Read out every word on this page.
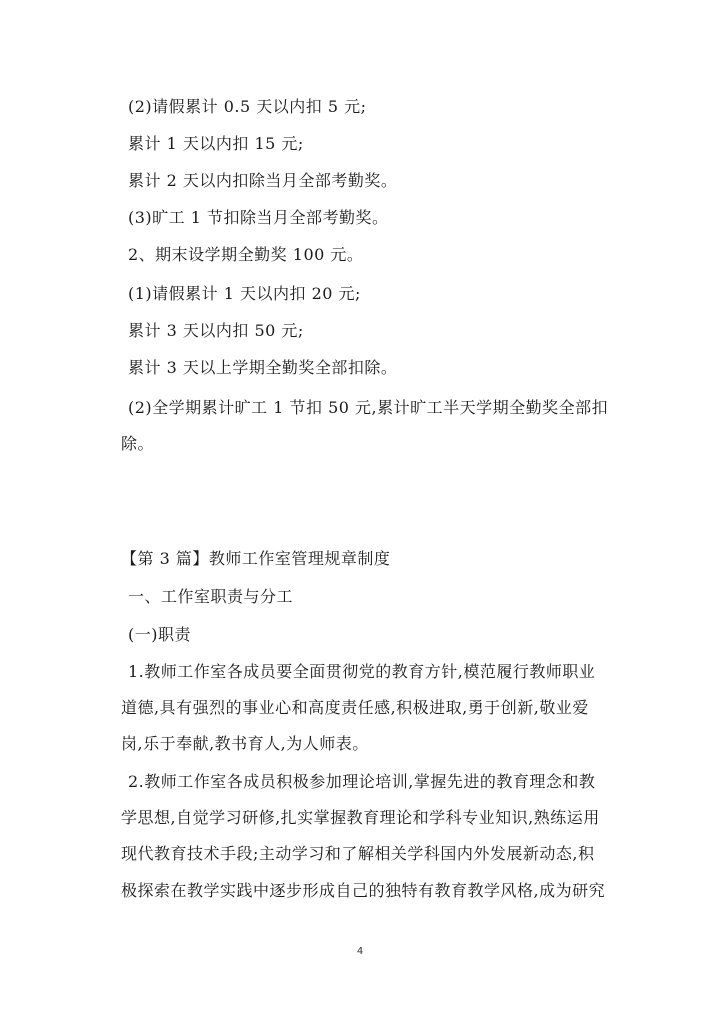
(2)请假累计 0.5 天以内扣 5 元;
累计 1 天以内扣 15 元;
累计 2 天以内扣除当月全部考勤奖。
(3)旷工 1 节扣除当月全部考勤奖。
2、期末设学期全勤奖 100 元。
(1)请假累计 1 天以内扣 20 元;
累计 3 天以内扣 50 元;
累计 3 天以上学期全勤奖全部扣除。
(2)全学期累计旷工 1 节扣 50 元,累计旷工半天学期全勤奖全部扣
除。
【第 3 篇】教师工作室管理规章制度
一、工作室职责与分工
(一)职责
1.教师工作室各成员要全面贯彻党的教育方针,模范履行教师职业
道德,具有强烈的事业心和高度责任感,积极进取,勇于创新,敬业爱
岗,乐于奉献,教书育人,为人师表。
2.教师工作室各成员积极参加理论培训,掌握先进的教育理念和教
学思想,自觉学习研修,扎实掌握教育理论和学科专业知识,熟练运用
现代教育技术手段;主动学习和了解相关学科国内外发展新动态,积
极探索在教学实践中逐步形成自己的独特有教育教学风格,成为研究
4
